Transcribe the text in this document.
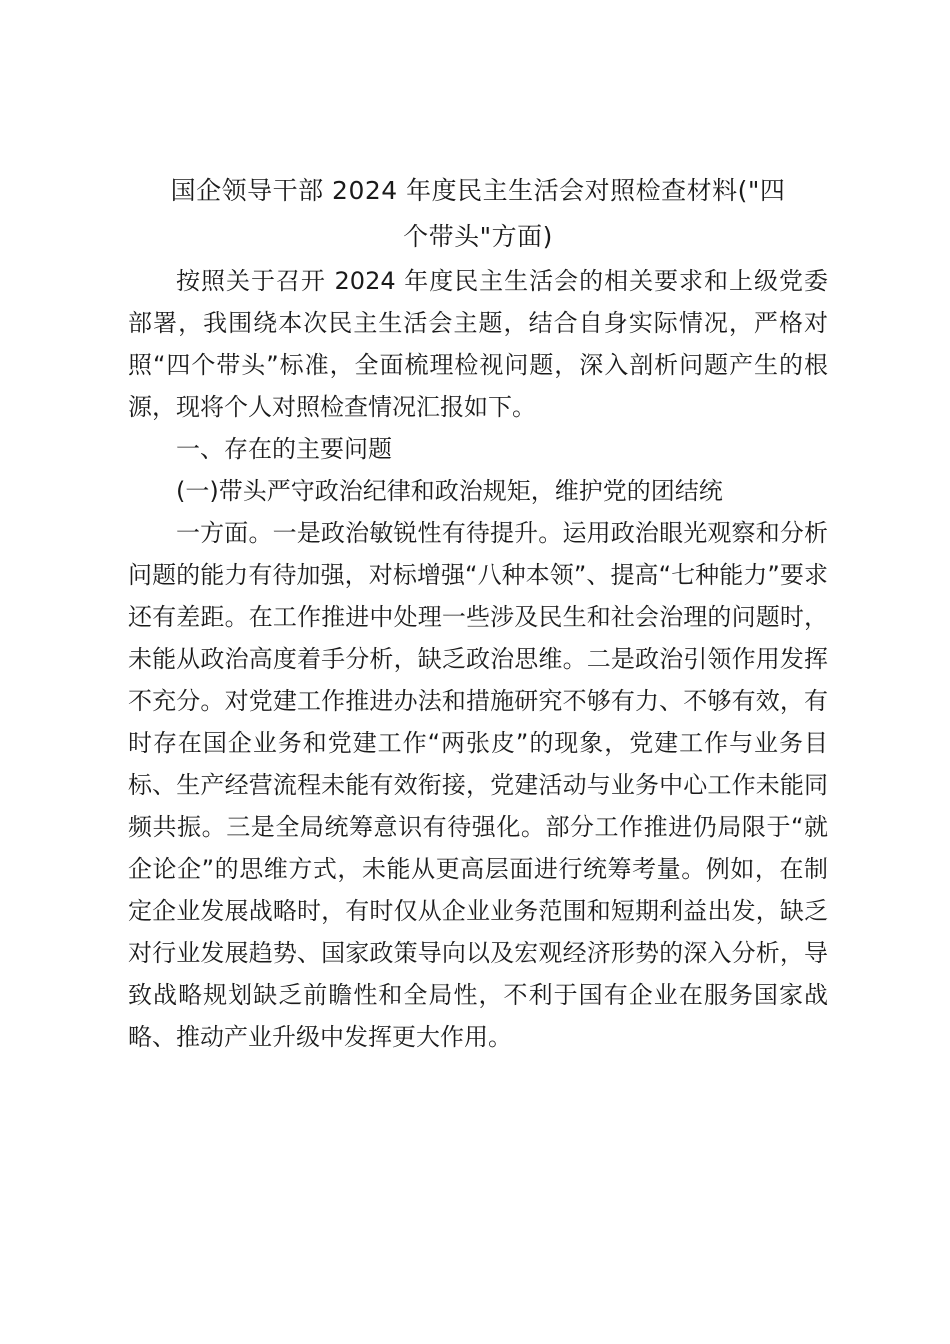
国企领导干部 2024 年度民主生活会对照检查材料("四
个带头"方面)

按照关于召开 2024 年度民主生活会的相关要求和上级党委部署，我围绕本次民主生活会主题，结合自身实际情况，严格对照“四个带头”标准，全面梳理检视问题，深入剖析问题产生的根源，现将个人对照检查情况汇报如下。

一、存在的主要问题

(一)带头严守政治纪律和政治规矩，维护党的团结统

一方面。一是政治敏锐性有待提升。运用政治眼光观察和分析问题的能力有待加强，对标增强“八种本领”、提高“七种能力”要求还有差距。在工作推进中处理一些涉及民生和社会治理的问题时，未能从政治高度着手分析，缺乏政治思维。二是政治引领作用发挥不充分。对党建工作推进办法和措施研究不够有力、不够有效，有时存在国企业务和党建工作“两张皮”的现象，党建工作与业务目标、生产经营流程未能有效衔接，党建活动与业务中心工作未能同频共振。三是全局统筹意识有待强化。部分工作推进仍局限于“就企论企”的思维方式，未能从更高层面进行统筹考量。例如，在制定企业发展战略时，有时仅从企业业务范围和短期利益出发，缺乏对行业发展趋势、国家政策导向以及宏观经济形势的深入分析，导致战略规划缺乏前瞻性和全局性，不利于国有企业在服务国家战略、推动产业升级中发挥更大作用。
